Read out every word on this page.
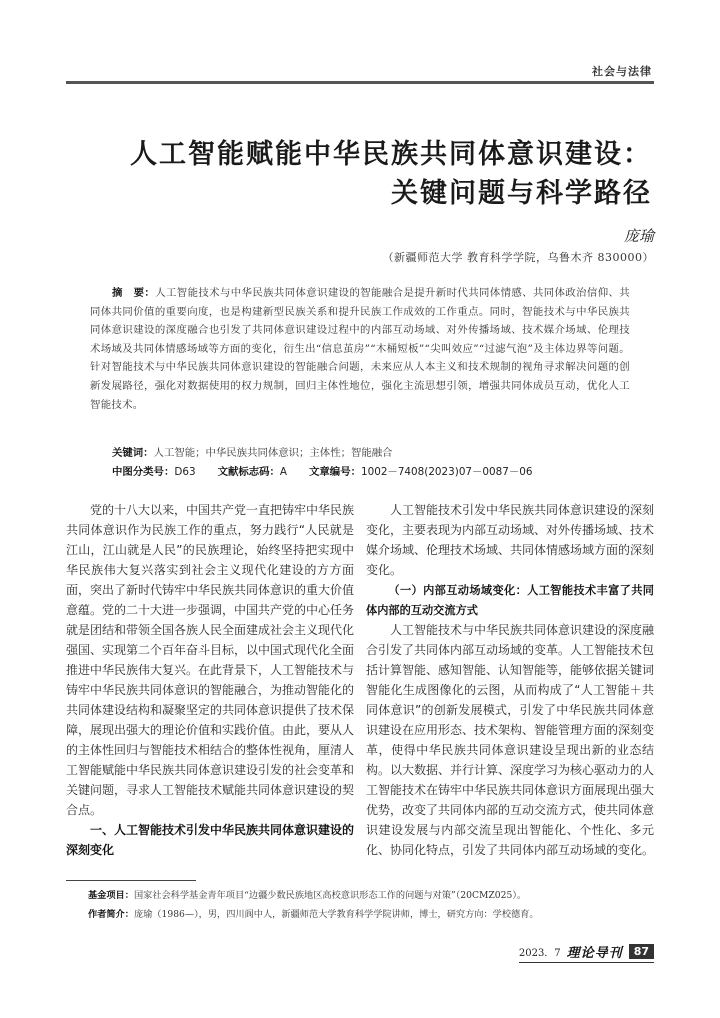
社会与法律
人工智能赋能中华民族共同体意识建设：
关键问题与科学路径
庞瑜
（新疆师范大学 教育科学学院，乌鲁木齐 830000）
摘　要：人工智能技术与中华民族共同体意识建设的智能融合是提升新时代共同体情感、共同体政治信仰、共同体共同价值的重要向度，也是构建新型民族关系和提升民族工作成效的工作重点。同时，智能技术与中华民族共同体意识建设的深度融合也引发了共同体意识建设过程中的内部互动场域、对外传播场域、技术媒介场域、伦理技术场域及共同体情感场域等方面的变化，衍生出“信息茧房”“木桶短板”“尖叫效应”“过滤气泡”及主体边界等问题。针对智能技术与中华民族共同体意识建设的智能融合问题，未来应从人本主义和技术规制的视角寻求解决问题的创新发展路径，强化对数据使用的权力规制，回归主体性地位，强化主流思想引领，增强共同体成员互动，优化人工智能技术。
关键词：人工智能；中华民族共同体意识；主体性；智能融合
中图分类号：D63 文献标志码：A 文章编号：1002－7408(2023)07－0087－06

党的十八大以来，中国共产党一直把铸牢中华民族共同体意识作为民族工作的重点，努力践行“人民就是江山，江山就是人民”的民族理论，始终坚持把实现中华民族伟大复兴落实到社会主义现代化建设的方方面面，突出了新时代铸牢中华民族共同体意识的重大价值意蕴。党的二十大进一步强调，中国共产党的中心任务就是团结和带领全国各族人民全面建成社会主义现代化强国、实现第二个百年奋斗目标，以中国式现代化全面推进中华民族伟大复兴。在此背景下，人工智能技术与铸牢中华民族共同体意识的智能融合，为推动智能化的共同体建设结构和凝聚坚定的共同体意识提供了技术保障，展现出强大的理论价值和实践价值。由此，要从人的主体性回归与智能技术相结合的整体性视角，厘清人工智能赋能中华民族共同体意识建设引发的社会变革和关键问题，寻求人工智能技术赋能共同体意识建设的契合点。

一、人工智能技术引发中华民族共同体意识建设的深刻变化

人工智能技术引发中华民族共同体意识建设的深刻变化，主要表现为内部互动场域、对外传播场域、技术媒介场域、伦理技术场域、共同体情感场域方面的深刻变化。

（一）内部互动场域变化：人工智能技术丰富了共同体内部的互动交流方式

人工智能技术与中华民族共同体意识建设的深度融合引发了共同体内部互动场域的变革。人工智能技术包括计算智能、感知智能、认知智能等，能够依据关键词智能化生成图像化的云图，从而构成了“人工智能＋共同体意识”的创新发展模式，引发了中华民族共同体意识建设在应用形态、技术架构、智能管理方面的深刻变革，使得中华民族共同体意识建设呈现出新的业态结构。以大数据、并行计算、深度学习为核心驱动力的人工智能技术在铸牢中华民族共同体意识方面展现出强大优势，改变了共同体内部的互动交流方式，使共同体意识建设发展与内部交流呈现出智能化、个性化、多元化、协同化特点，引发了共同体内部互动场域的变化。

基金项目：国家社会科学基金青年项目“边疆少数民族地区高校意识形态工作的问题与对策”（20CMZ025）。
作者简介：庞瑜（1986—），男，四川阆中人，新疆师范大学教育科学学院讲师，博士，研究方向：学校德育。
2023．7 理论导刊	87
